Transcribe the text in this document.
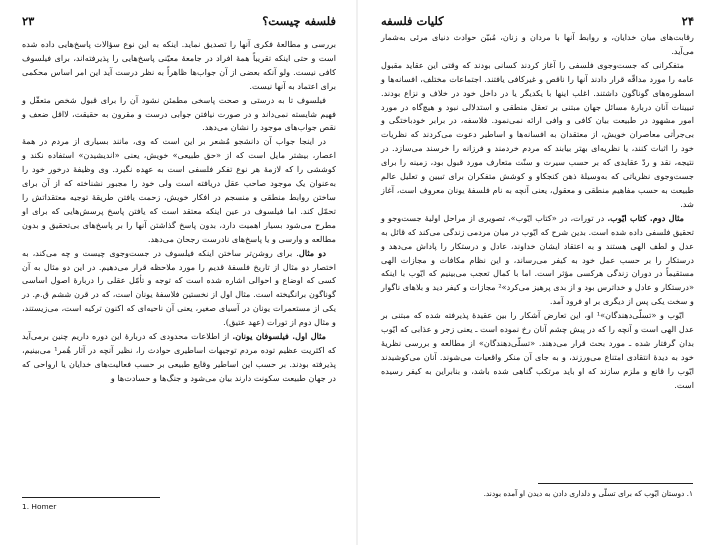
فلسفه چیست؟
۲۳

بررسی و مطالعهٔ فکری آنها را تصدیق نماید. اینکه به این نوع سؤالات پاسخ‌هایی داده شده است و حتی اینکه تقریباً همهٔ افراد در جامعهٔ معیّنی پاسخ‌هایی را پذیرفته‌اند، برای فیلسوف کافی نیست. ولو آنکه بعضی از آن جواب‌ها ظاهراً به نظر درست آید این امر اساس محکمی برای اعتماد به آنها نیست.

فیلسوف تا به درستی و صحت پاسخی مطمئن نشود آن را برای قبول شخص متعقّل و فهیم شایسته نمی‌داند و در صورت نیافتن جوابی درست و مقرون به حقیقت، لااقل ضعف و نقص جواب‌های موجود را نشان می‌دهد.

در اینجا جواب آن دانشجو مُشعر بر این است که وی، مانند بسیاری از مردم در همهٔ اعصار، بیشتر مایل است که از «حق طبیعی» خویش، یعنی «اندیشیدن» استفاده نکند و کوششی را که لازمهٔ هر نوع تفکر فلسفی است به عهده نگیرد. وی وظیفهٔ درخور خود را به‌عنوان یک موجود صاحب عقل دریافته است ولی خود را مجبور نشناخته که از آن برای ساختن روابط منطقی و منسجم در افکار خویش، زحمت یافتن طریقهٔ توجیه معتقداتش را تحمّل کند. اما فیلسوف در عین اینکه معتقد است که یافتن پاسخ پرسش‌هایی که برای او مطرح می‌شود بسیار اهمیت دارد، بدون پاسخ گذاشتن آنها را بر پاسخ‌های بی‌تحقیق و بدون مطالعه و وارسی و یا پاسخ‌های نادرست رجحان می‌دهد.

دو مثال. برای روشن‌تر ساختن اینکه فیلسوف در جست‌وجوی چیست و چه می‌کند، به اختصار دو مثال از تاریخ فلسفهٔ قدیم را مورد ملاحظه قرار می‌دهیم. در این دو مثال به آن کسی که اوضاع و احوالی اشاره شده است که توجه و تأمّل عقلی را دربارهٔ اصول اساسی گوناگون برانگیخته است. مثال اول از نخستین فلاسفهٔ یونان است، که در قرن ششم ق.م. در یکی از مستعمرات یونان در آسیای صغیر، یعنی آن ناحیه‌ای که اکنون ترکیه است، می‌زیستند، و مثال دوم از تورات (عهد عتیق).

مثال اول. فیلسوفان یونان. از اطلاعات محدودی که دربارهٔ این دوره داریم چنین برمی‌آید که اکثریت عظیم توده مردم توجیهات اساطیری حوادث را، نظیر آنچه در آثار هُمر¹ می‌بینیم، پذیرفته بودند. بر حسب این اساطیر وقایع طبیعی بر حسب فعالیت‌های خدایان یا ارواحی که در جهان طبیعت سکونت دارند بیان می‌شود و جنگ‌ها و حسادت‌ها و

1. Homer
۲۴
کلیات فلسفه

رقابت‌های میان خدایان، و روابط آنها با مردان و زنان، مُبیّن حوادث دنیای مرئی به‌شمار می‌آید.

متفکرانی که جست‌وجوی فلسفی را آغاز کردند کسانی بودند که وقتی این عقاید مقبول عامه را مورد مداقّه قرار دادند آنها را ناقص و غیرکافی یافتند. اجتماعات مختلف، افسانه‌ها و اسطوره‌های گوناگون داشتند. اغلب اینها با یکدیگر یا در داخل خود در خلاف و نزاع بودند. تبیینات آنان دربارهٔ مسائل جهان مبتنی بر تعقل منطقی و استدلالی نبود و هیچ‌گاه در مورد امور مشهود در طبیعت بیان کافی و وافی ارائه نمی‌نمود. فلاسفه، در برابر خودباختگی و بی‌جرأتی معاصران خویش، از معتقدان به افسانه‌ها و اساطیر دعوت می‌کردند که نظریات خود را اثبات کنند، یا نظریه‌ای بهتر بیابند که مردم خردمند و فرزانه را خرسند می‌سازد. در نتیجه، نقد و ردّ عقایدی که بر حسب سیرت و سنّت متعارف مورد قبول بود، زمینه را برای جست‌وجوی نظریاتی که به‌وسیلهٔ ذهن کنجکاو و کوشش متفکران برای تبیین و تعلیل عالم طبیعت به حسب مفاهیم منطقی و معقول، یعنی آنچه به نام فلسفهٔ یونان معروف است، آغاز شد.

مثال دوم. کتاب ایّوب. در تورات، در «کتاب ایّوب»، تصویری از مراحل اولیهٔ جست‌وجو و تحقیق فلسفی داده شده است. بدین شرح که ایّوب در میان مردمی زندگی می‌کند که قائل به عدل و لطف الهی هستند و به اعتقاد ایشان خداوند، عادل و درستکار را پاداش می‌دهد و درستکار را بر حسب عمل خود به کیفر می‌رساند، و این نظام مکافات و مجازات الهی مستقیماً در دوران زندگی هرکسی مؤثر است. اما با کمال تعجب می‌بینیم که ایّوب با اینکه «درستکار و عادل و خداترس بود و از بدی پرهیز می‌کرد»² مجازات و کیفر دید و بلاهای ناگوار و سخت یکی پس از دیگری بر او فرود آمد.

ایّوب و «تسلّی‌دهندگان»¹ او، این تعارض آشکار را بین عقیدهٔ پذیرفته شده که مبتنی بر عدل الهی است و آنچه را که در پیش چشم آنان رخ نموده است ـ یعنی زجر و عذابی که ایّوب بدان گرفتار شده ـ مورد بحث قرار می‌دهند. «تسلّی‌دهندگان» از مطالعه و بررسی نظریهٔ خود به دیدهٔ انتقادی امتناع می‌ورزند، و به جای آن منکر واقعیات می‌شوند. آنان می‌کوشیدند ایّوب را قانع و ملزم سازند که او باید مرتکب گناهی شده باشد، و بنابراین به کیفر رسیده است.

۱. دوستان ایّوب که برای تسلّی و دلداری دادن به دیدن او آمده بودند.
